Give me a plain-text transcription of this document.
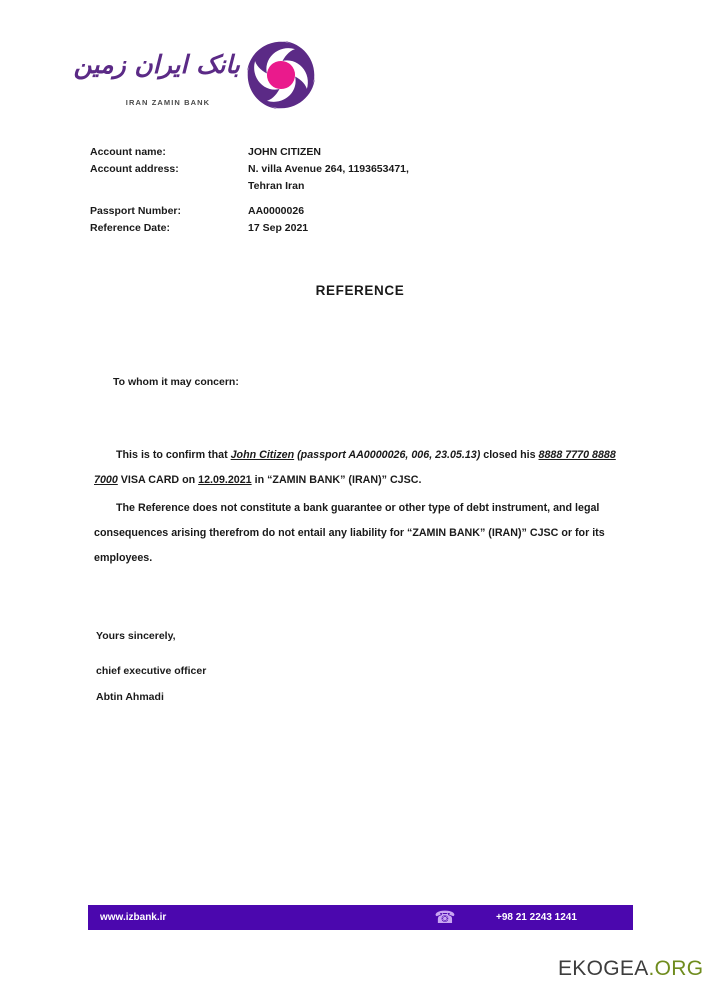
بانک ایران زمین
IRAN ZAMIN BANK
Account name:	JOHN CITIZEN
Account address:	N. villa Avenue 264, 1193653471,
Tehran Iran
Passport Number:	AA0000026
Reference Date:	17 Sep 2021
REFERENCE
To whom it may concern:

This is to confirm that John Citizen (passport AA0000026, 006, 23.05.13) closed his 8888 7770 8888 7000 VISA CARD on 12.09.2021 in “ZAMIN BANK” (IRAN)” CJSC.

The Reference does not constitute a bank guarantee or other type of debt instrument, and legal consequences arising therefrom do not entail any liability for “ZAMIN BANK” (IRAN)” CJSC or for its employees.

Yours sincerely,
chief executive officer
Abtin Ahmadi
www.izbank.ir	☎	+98 21 2243 1241
EKOGEA.ORG
